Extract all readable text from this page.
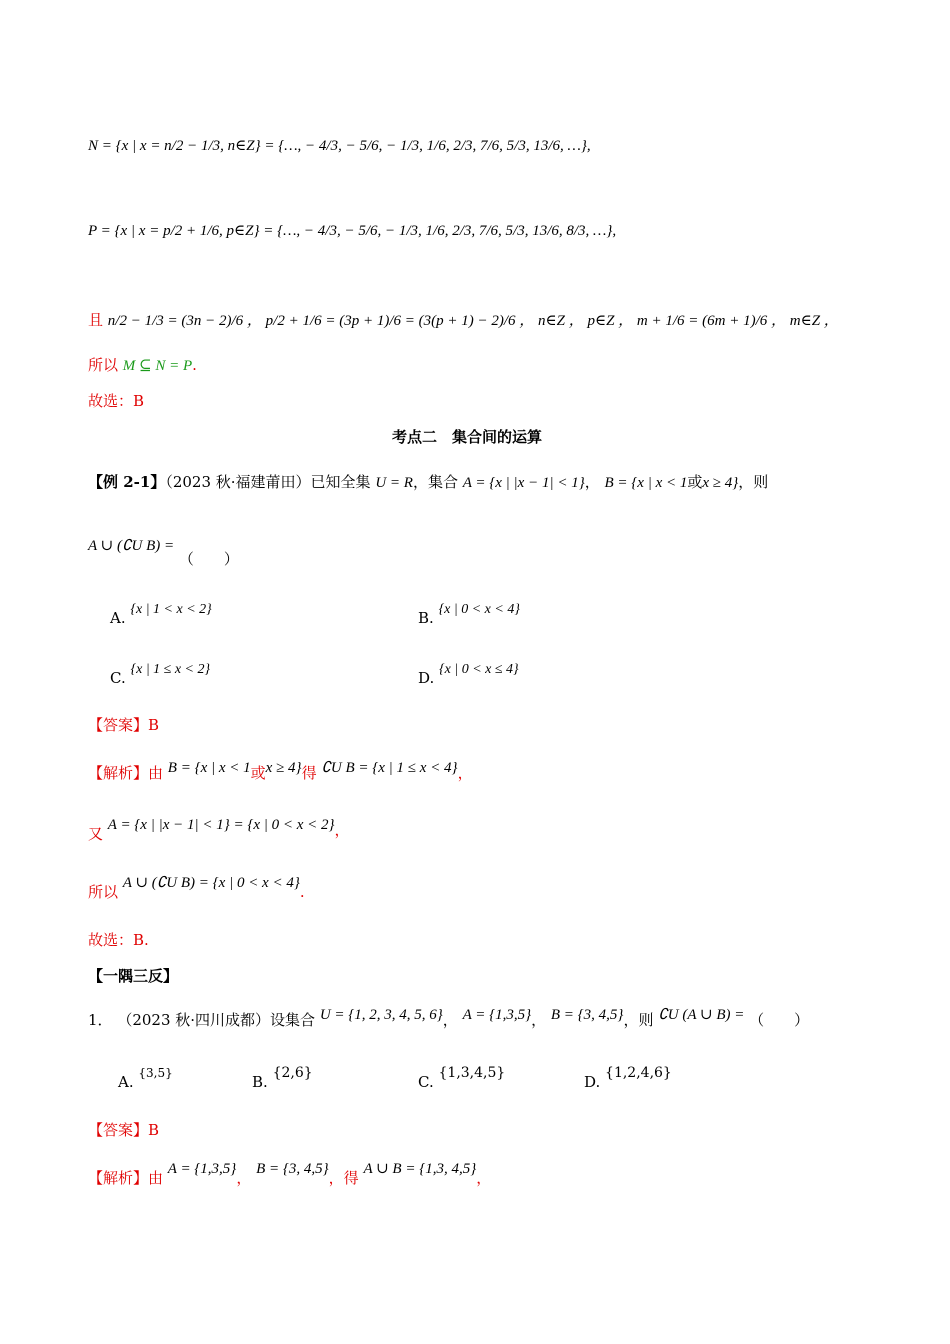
N = {x | x = n/2 − 1/3, n∈Z} = {…, − 4/3, − 5/6, − 1/3, 1/6, 2/3, 7/6, 5/3, 13/6, …},
P = {x | x = p/2 + 1/6, p∈Z} = {…, − 4/3, − 5/6, − 1/3, 1/6, 2/3, 7/6, 5/3, 13/6, 8/3, …},
且 n/2 − 1/3 = (3n − 2)/6 ， p/2 + 1/6 = (3p + 1)/6 = (3(p + 1) − 2)/6 ， n∈Z ， p∈Z ， m + 1/6 = (6m + 1)/6 ， m∈Z ，
所以 M ⊆ N = P.
故选：B
考点二　集合间的运算
【例 2-1】（2023 秋·福建莆田）已知全集 U = R，集合 A = {x | |x − 1| < 1}， B = {x | x < 1或x ≥ 4}，则
A ∪ (∁U B) = （　　）
A. {x | 1 < x < 2}	B. {x | 0 < x < 4}
C. {x | 1 ≤ x < 2}	D. {x | 0 < x ≤ 4}
【答案】B
【解析】由 B = {x | x < 1或x ≥ 4}得 ∁U B = {x | 1 ≤ x < 4}，
又 A = {x | |x − 1| < 1} = {x | 0 < x < 2}，
所以 A ∪ (∁U B) = {x | 0 < x < 4}.
故选：B.
【一隅三反】
1． （2023 秋·四川成都）设集合 U = {1, 2, 3, 4, 5, 6}， A = {1,3,5}， B = {3, 4,5}，则 ∁U (A ∪ B) = （　　）
A. {3,5}	B. {2,6}	C. {1,3,4,5}	D. {1,2,4,6}
【答案】B
【解析】由 A = {1,3,5}， B = {3, 4,5}，得 A ∪ B = {1,3, 4,5}，
